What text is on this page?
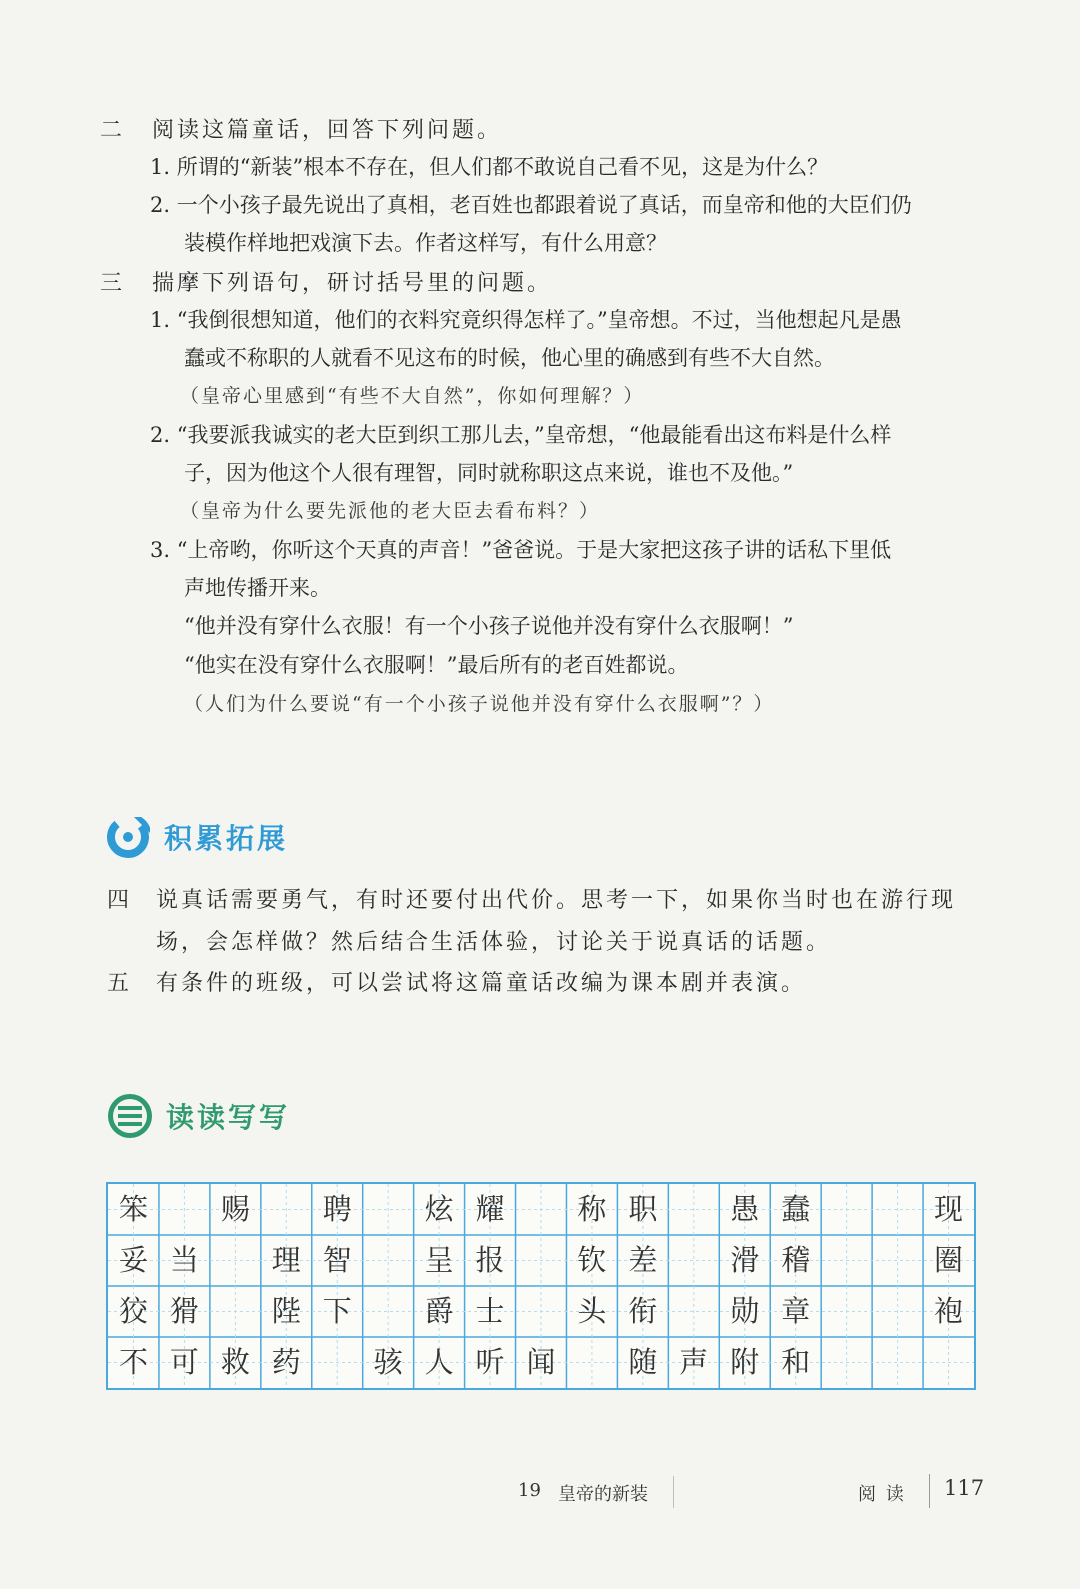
二 阅读这篇童话，回答下列问题。
1. 所谓的“新装”根本不存在，但人们都不敢说自己看不见，这是为什么？
2. 一个小孩子最先说出了真相，老百姓也都跟着说了真话，而皇帝和他的大臣们仍
装模作样地把戏演下去。作者这样写，有什么用意？
三 揣摩下列语句，研讨括号里的问题。
1. “我倒很想知道，他们的衣料究竟织得怎样了。”皇帝想。不过，当他想起凡是愚
蠢或不称职的人就看不见这布的时候，他心里的确感到有些不大自然。
（皇帝心里感到“有些不大自然”，你如何理解？）
2. “我要派我诚实的老大臣到织工那儿去，”皇帝想，“他最能看出这布料是什么样
子，因为他这个人很有理智，同时就称职这点来说，谁也不及他。”
（皇帝为什么要先派他的老大臣去看布料？）
3. “上帝哟，你听这个天真的声音！”爸爸说。于是大家把这孩子讲的话私下里低
声地传播开来。
“他并没有穿什么衣服！有一个小孩子说他并没有穿什么衣服啊！”
“他实在没有穿什么衣服啊！”最后所有的老百姓都说。
（人们为什么要说“有一个小孩子说他并没有穿什么衣服啊”？）
积累拓展
四 说真话需要勇气，有时还要付出代价。思考一下，如果你当时也在游行现
场，会怎样做？然后结合生活体验，讨论关于说真话的话题。
五 有条件的班级，可以尝试将这篇童话改编为课本剧并表演。
读读写写
笨	赐	聘	炫 耀	称 职	愚 蠢	现
妥 当	理 智	呈 报	钦 差	滑 稽	圈
狡 猾	陛 下	爵 士	头 衔	勋 章	袍
不 可 救 药	骇 人 听 闻	随 声 附 和
19 皇帝的新装	阅 读 117
